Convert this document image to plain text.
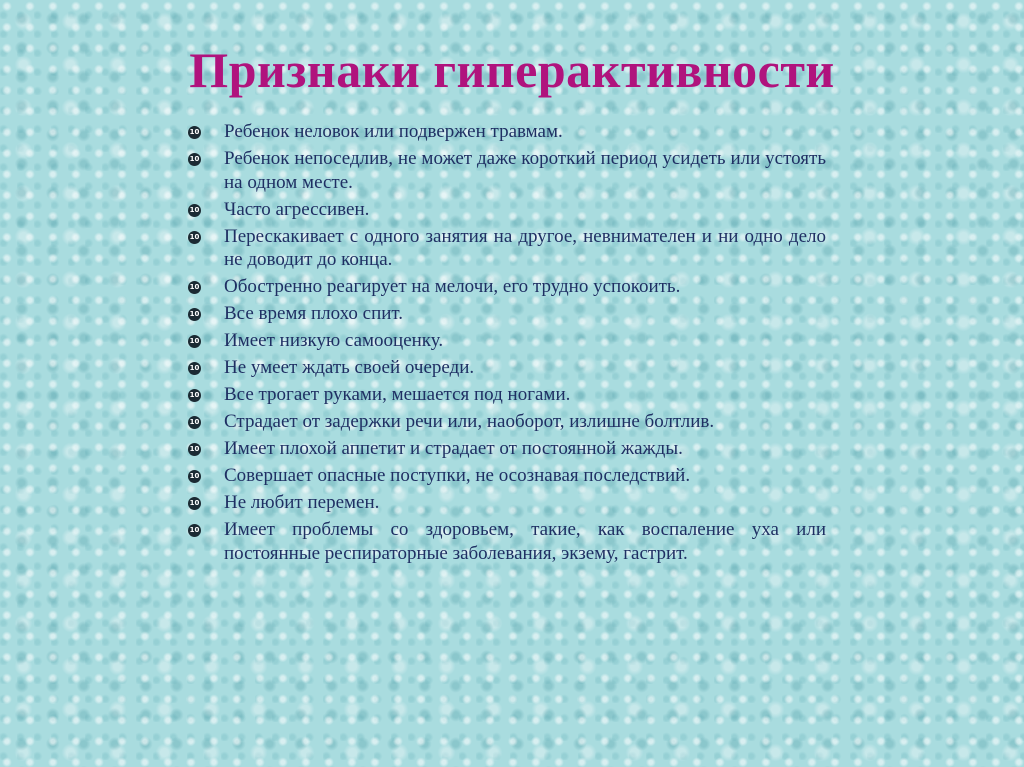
Признаки гиперактивности
10 Ребенок неловок или подвержен травмам.
10 Ребенок непоседлив, не может даже короткий период усидеть или устоять на одном месте.
10 Часто агрессивен.
10 Перескакивает с одного занятия на другое, невнимателен и ни одно дело не доводит до конца.
10 Обостренно реагирует на мелочи, его трудно успокоить.
10 Все время плохо спит.
10 Имеет низкую самооценку.
10 Не умеет ждать своей очереди.
10 Все трогает руками, мешается под ногами.
10 Страдает от задержки речи или, наоборот, излишне болтлив.
10 Имеет плохой аппетит и страдает от постоянной жажды.
10 Совершает опасные поступки, не осознавая последствий.
10 Не любит перемен.
10 Имеет проблемы со здоровьем, такие, как воспаление уха или постоянные респираторные заболевания, экзему, гастрит.
